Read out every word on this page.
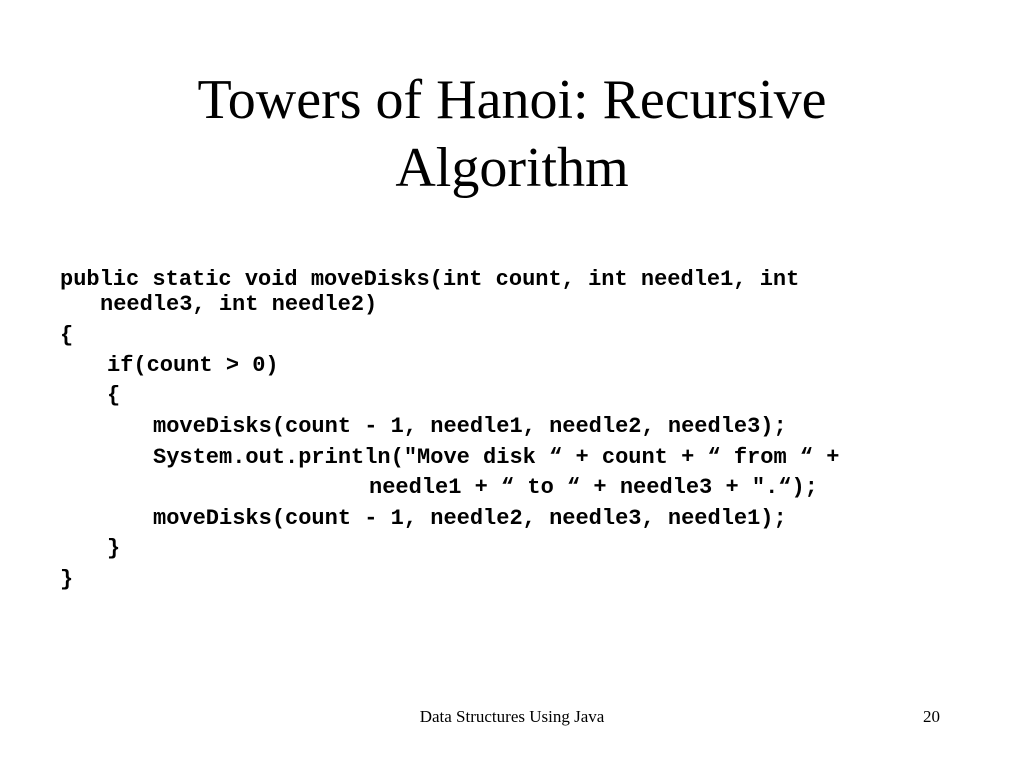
Towers of Hanoi: Recursive
Algorithm
public static void moveDisks(int count, int needle1, int
needle3, int needle2)
{
if(count > 0)
{
moveDisks(count - 1, needle1, needle2, needle3);
System.out.println("Move disk “ + count + “ from “ +
needle1 + “ to “ + needle3 + ".“);
moveDisks(count - 1, needle2, needle3, needle1);
}
}
Data Structures Using Java	20
